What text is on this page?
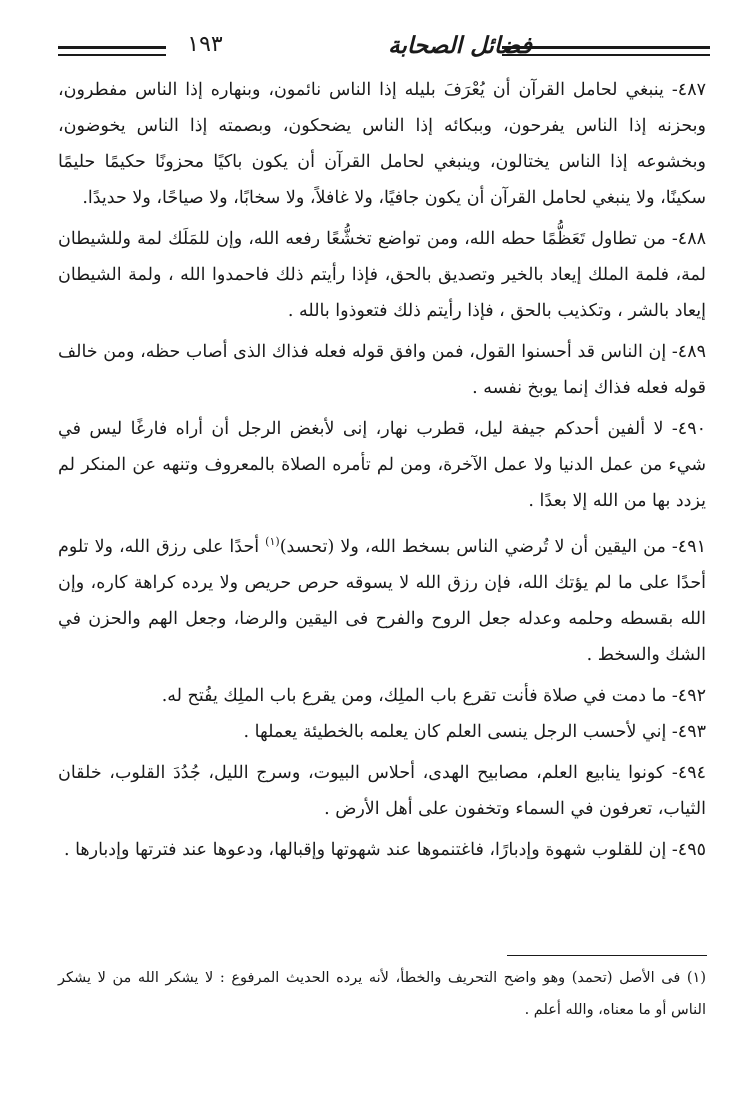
فضائل الصحابة
١٩٣

٤٨٧- ينبغي لحامل القرآن أن يُعْرَفَ بليله إذا الناس نائمون، وبنهاره إذا الناس مفطرون، وبحزنه إذا الناس يفرحون، وببكائه إذا الناس يضحكون، وبصمته إذا الناس يخوضون، وبخشوعه إذا الناس يختالون، وينبغي لحامل القرآن أن يكون باكيًا محزونًا حكيمًا حليمًا سكينًا، ولا ينبغي لحامل القرآن أن يكون جافيًا، ولا غافلاً، ولا سخابًا، ولا صياحًا، ولا حديدًا.

٤٨٨- من تطاول تَعَظُّمًا حطه الله، ومن تواضع تخشُّعًا رفعه الله، وإن للمَلَك لمة وللشيطان لمة، فلمة الملك إيعاد بالخير وتصديق بالحق، فإذا رأيتم ذلك فاحمدوا الله ، ولمة الشيطان إيعاد بالشر ، وتكذيب بالحق ، فإذا رأيتم ذلك فتعوذوا بالله .

٤٨٩- إن الناس قد أحسنوا القول، فمن وافق قوله فعله فذاك الذى أصاب حظه، ومن خالف قوله فعله فذاك إنما يوبخ نفسه .

٤٩٠- لا ألفين أحدكم جيفة ليل، قطرب نهار، إنى لأبغض الرجل أن أراه فارغًا ليس في شيء من عمل الدنيا ولا عمل الآخرة، ومن لم تأمره الصلاة بالمعروف وتنهه عن المنكر لم يزدد بها من الله إلا بعدًا .

٤٩١- من اليقين أن لا تُرضي الناس بسخط الله، ولا (تحسد)$^{(١)}$ أحدًا على رزق الله، ولا تلوم أحدًا على ما لم يؤتك الله، فإن رزق الله لا يسوقه حرص حريص ولا يرده كراهة كاره، وإن الله بقسطه وحلمه وعدله جعل الروح والفرح فى اليقين والرضا، وجعل الهم والحزن في الشك والسخط .

٤٩٢- ما دمت في صلاة فأنت تقرع باب الملِك، ومن يقرع باب الملِك يفُتح له.

٤٩٣- إني لأحسب الرجل ينسى العلم كان يعلمه بالخطيئة يعملها .

٤٩٤- كونوا ينابيع العلم، مصابيح الهدى، أحلاس البيوت، وسرج الليل، جُدُدَ القلوب، خلقان الثياب، تعرفون في السماء وتخفون على أهل الأرض .

٤٩٥- إن للقلوب شهوة وإدبارًا، فاغتنموها عند شهوتها وإقبالها، ودعوها عند فترتها وإدبارها .

(١) فى الأصل (تحمد) وهو واضح التحريف والخطأ، لأنه يرده الحديث المرفوع : لا يشكر الله من لا يشكر الناس أو ما معناه، والله أعلم .
